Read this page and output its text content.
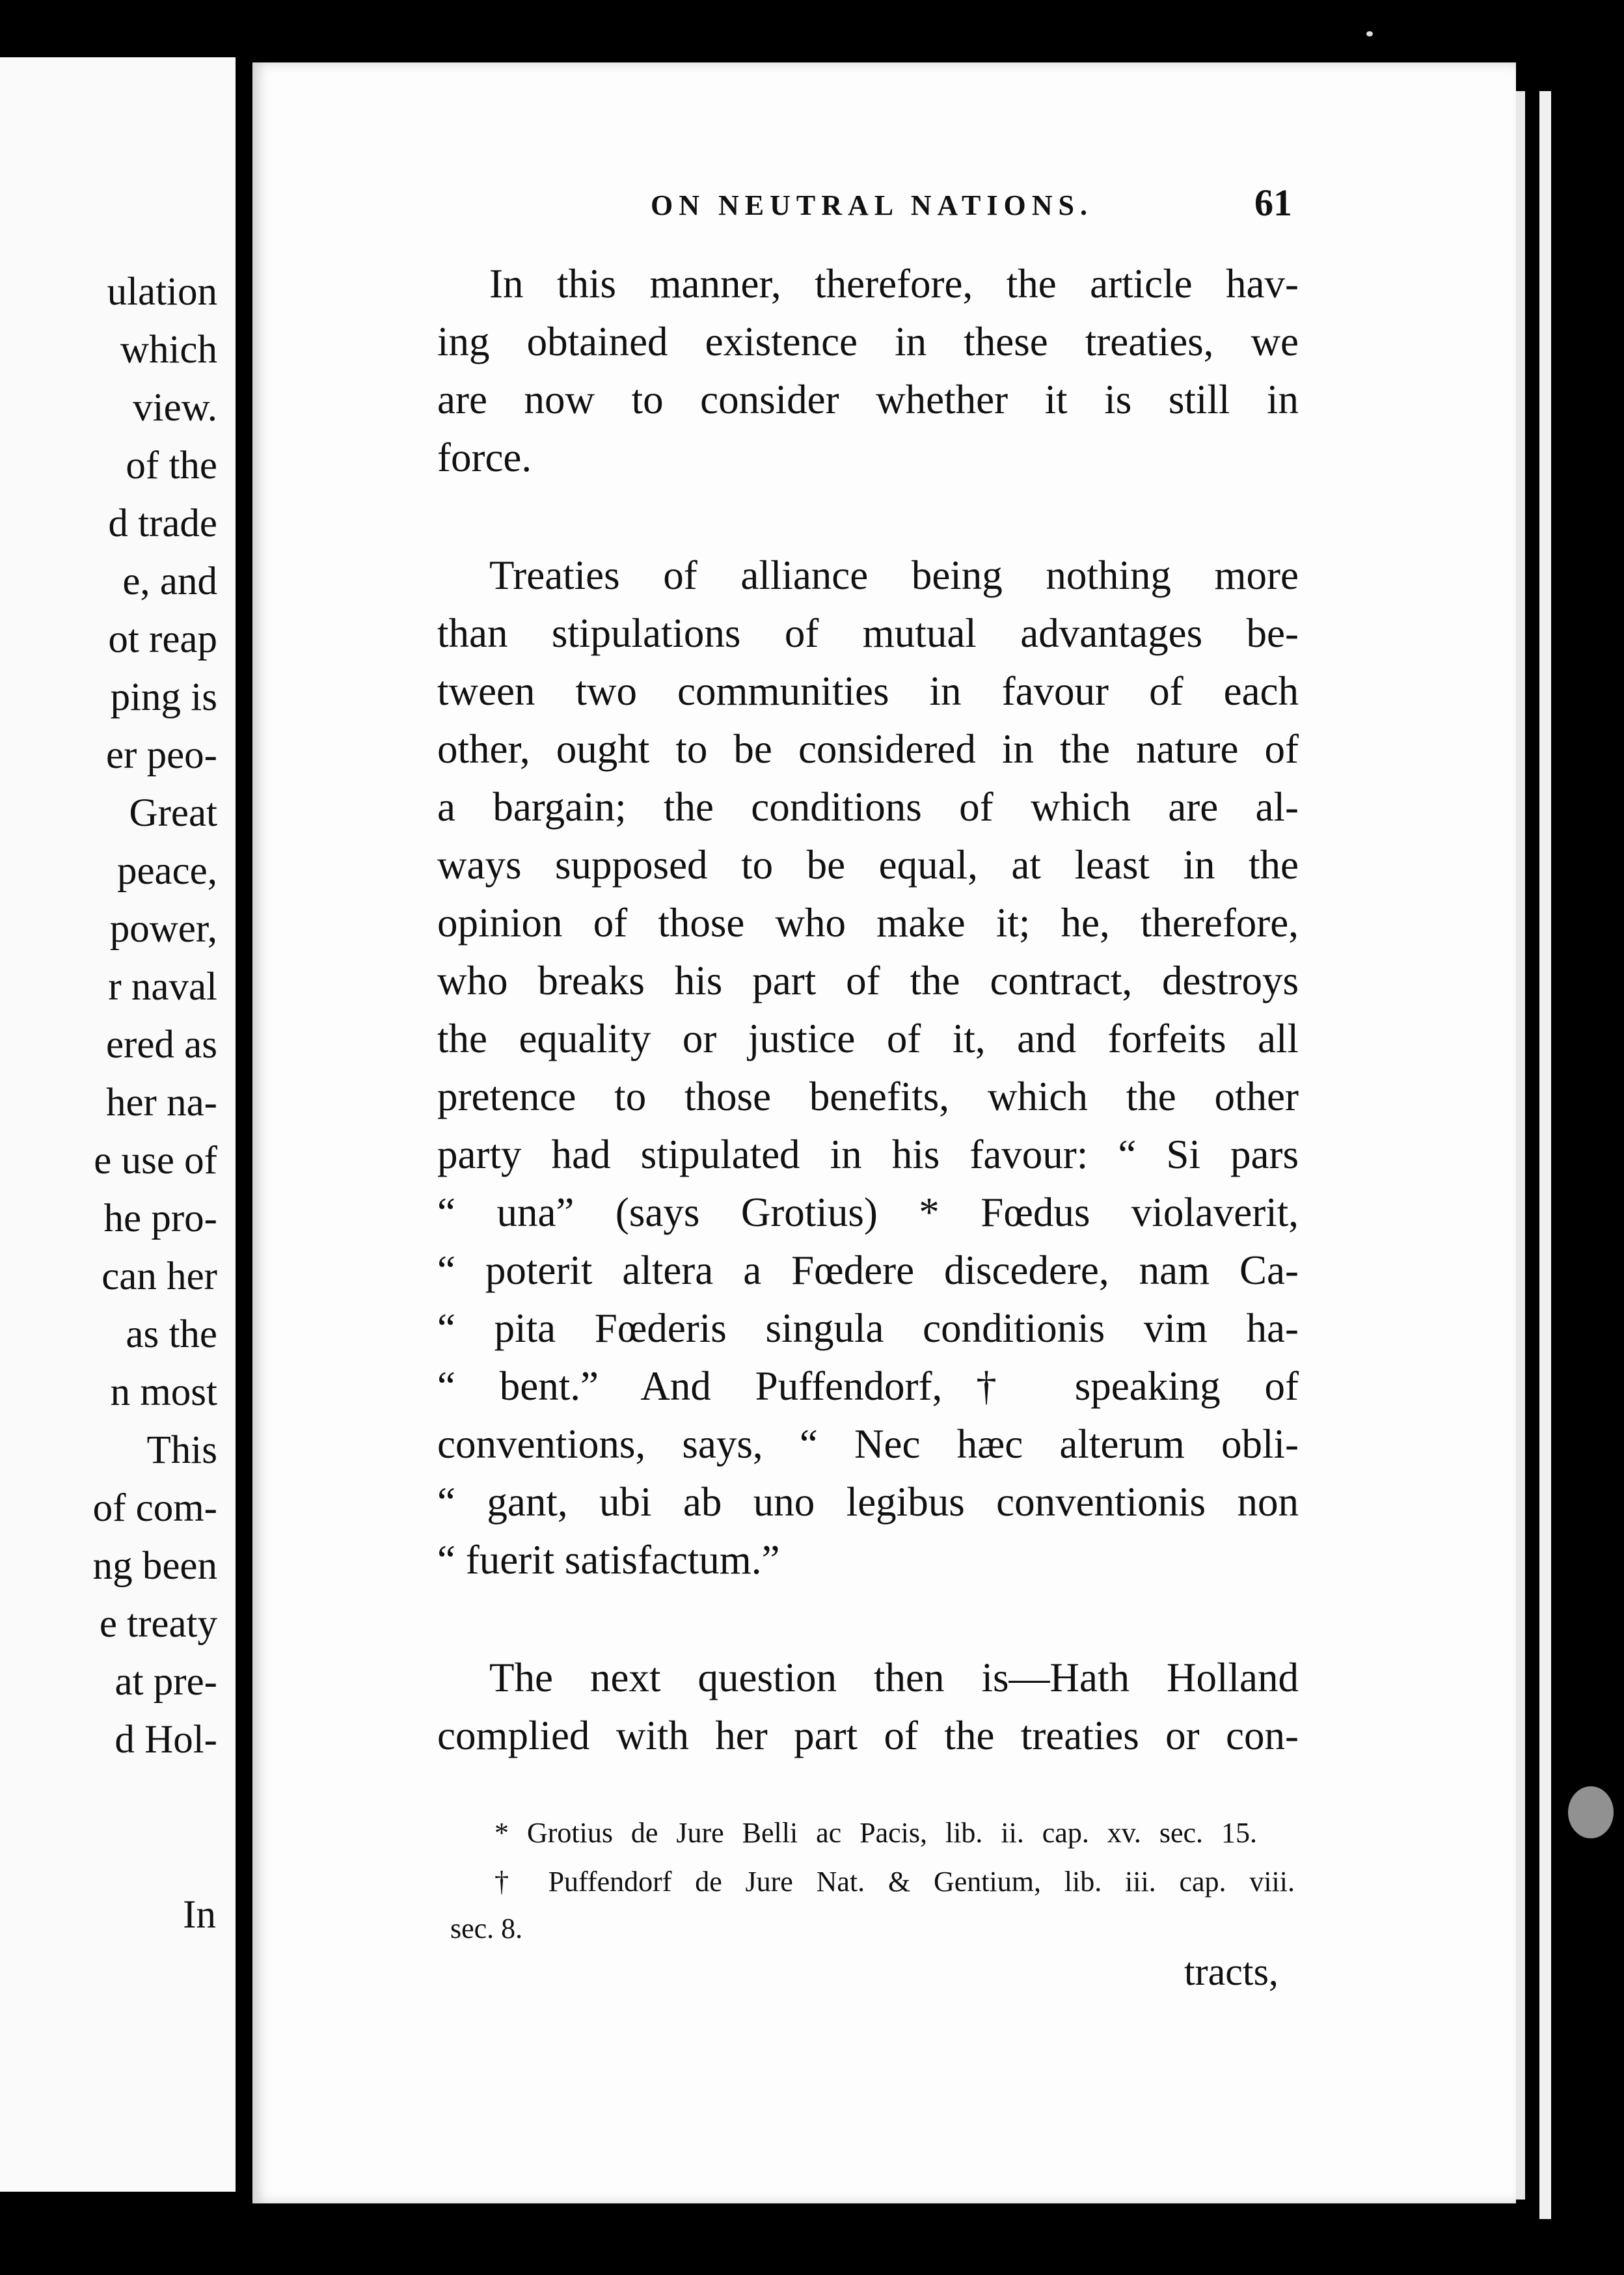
ulation
which
view.
of the
d trade
e, and
ot reap
ping is
er peo-
Great
peace,
power,
r naval
ered as
her na-
e use of
he pro-
can her
as the
n most
This
of com-
ng been
e treaty
at pre-
d Hol-
In
ON NEUTRAL NATIONS.	61
In this manner, therefore, the article hav-
ing obtained existence in these treaties, we
are now to consider whether it is still in
force.
Treaties of alliance being nothing more
than stipulations of mutual advantages be-
tween two communities in favour of each
other, ought to be considered in the nature of
a bargain; the conditions of which are al-
ways supposed to be equal, at least in the
opinion of those who make it; he, therefore,
who breaks his part of the contract, destroys
the equality or justice of it, and forfeits all
pretence to those benefits, which the other
party had stipulated in his favour: “ Si pars
“ una” (says Grotius) * Fœdus violaverit,
“ poterit altera a Fœdere discedere, nam Ca-
“ pita Fœderis singula conditionis vim ha-
“ bent.” And Puffendorf,† speaking of
conventions, says, “ Nec hæc alterum obli-
“ gant, ubi ab uno legibus conventionis non
“ fuerit satisfactum.”
The next question then is—Hath Holland
complied with her part of the treaties or con-
* Grotius de Jure Belli ac Pacis, lib. ii. cap. xv. sec. 15.
† Puffendorf de Jure Nat. & Gentium, lib. iii. cap. viii.
sec. 8.
tracts,
